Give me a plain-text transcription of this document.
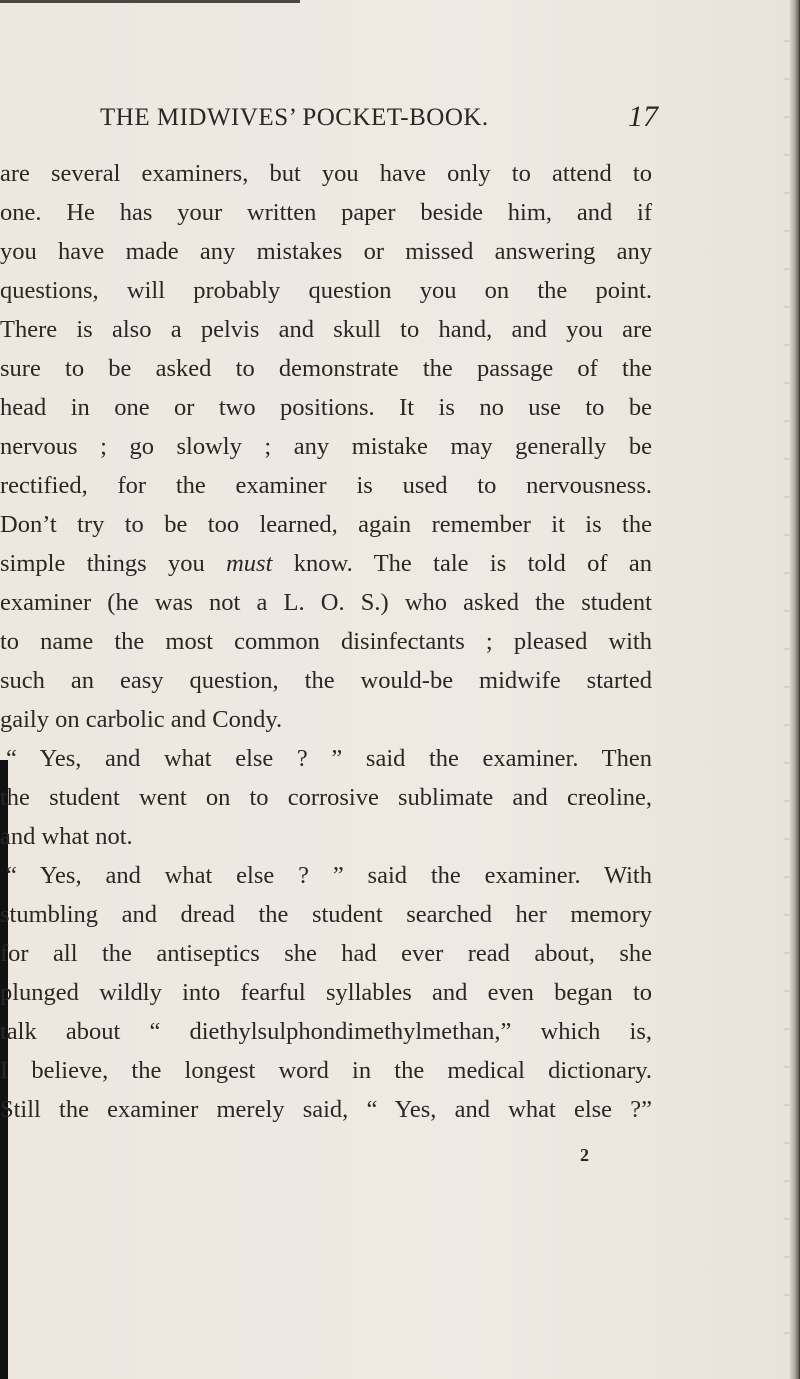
THE MIDWIVES’ POCKET-BOOK.	17
are several examiners, but you have only to attend to
one. He has your written paper beside him, and if
you have made any mistakes or missed answering any
questions, will probably question you on the point.
There is also a pelvis and skull to hand, and you are
sure to be asked to demonstrate the passage of the
head in one or two positions. It is no use to be
nervous ; go slowly ; any mistake may generally be
rectified, for the examiner is used to nervousness.
Don’t try to be too learned, again remember it is the
simple things you must know. The tale is told of an
examiner (he was not a L. O. S.) who asked the student
to name the most common disinfectants ; pleased with
such an easy question, the would-be midwife started
gaily on carbolic and Condy.
“ Yes, and what else ? ” said the examiner. Then
the student went on to corrosive sublimate and creoline,
and what not.
“ Yes, and what else ? ” said the examiner. With
stumbling and dread the student searched her memory
for all the antiseptics she had ever read about, she
plunged wildly into fearful syllables and even began to
talk about “ diethylsulphondimethylmethan,” which is,
I believe, the longest word in the medical dictionary.
Still the examiner merely said, “ Yes, and what else ?”
2
